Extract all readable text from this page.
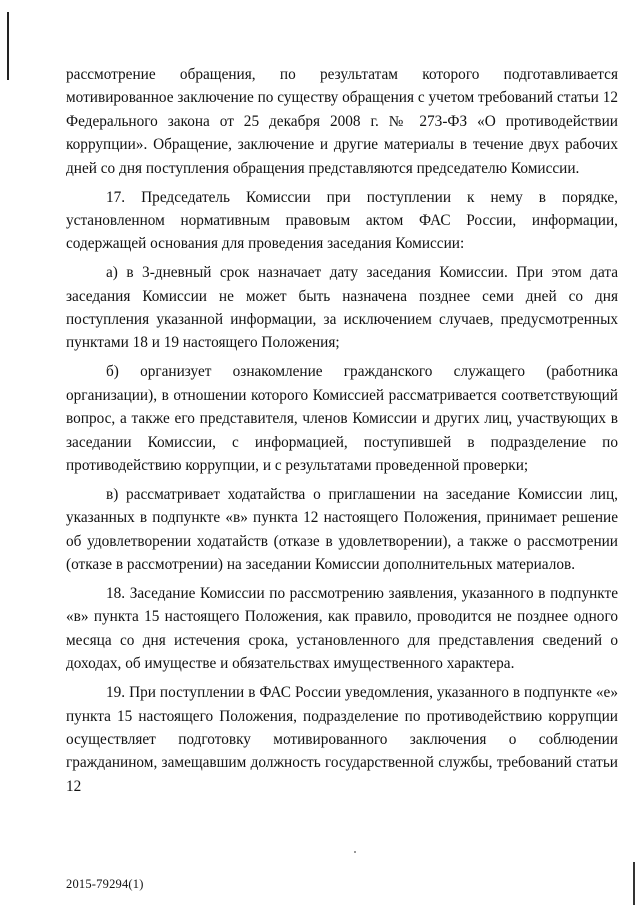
рассмотрение обращения, по результатам которого подготавливается мотивированное заключение по существу обращения с учетом требований статьи 12 Федерального закона от 25 декабря 2008 г. № 273-ФЗ «О противодействии коррупции». Обращение, заключение и другие материалы в течение двух рабочих дней со дня поступления обращения представляются председателю Комиссии.

17. Председатель Комиссии при поступлении к нему в порядке, установленном нормативным правовым актом ФАС России, информации, содержащей основания для проведения заседания Комиссии:

а) в 3-дневный срок назначает дату заседания Комиссии. При этом дата заседания Комиссии не может быть назначена позднее семи дней со дня поступления указанной информации, за исключением случаев, предусмотренных пунктами 18 и 19 настоящего Положения;

б) организует ознакомление гражданского служащего (работника организации), в отношении которого Комиссией рассматривается соответствующий вопрос, а также его представителя, членов Комиссии и других лиц, участвующих в заседании Комиссии, с информацией, поступившей в подразделение по противодействию коррупции, и с результатами проведенной проверки;

в) рассматривает ходатайства о приглашении на заседание Комиссии лиц, указанных в подпункте «в» пункта 12 настоящего Положения, принимает решение об удовлетворении ходатайств (отказе в удовлетворении), а также о рассмотрении (отказе в рассмотрении) на заседании Комиссии дополнительных материалов.

18. Заседание Комиссии по рассмотрению заявления, указанного в подпункте «в» пункта 15 настоящего Положения, как правило, проводится не позднее одного месяца со дня истечения срока, установленного для представления сведений о доходах, об имуществе и обязательствах имущественного характера.

19. При поступлении в ФАС России уведомления, указанного в подпункте «е» пункта 15 настоящего Положения, подразделение по противодействию коррупции осуществляет подготовку мотивированного заключения о соблюдении гражданином, замещавшим должность государственной службы, требований статьи 12

2015-79294(1)
